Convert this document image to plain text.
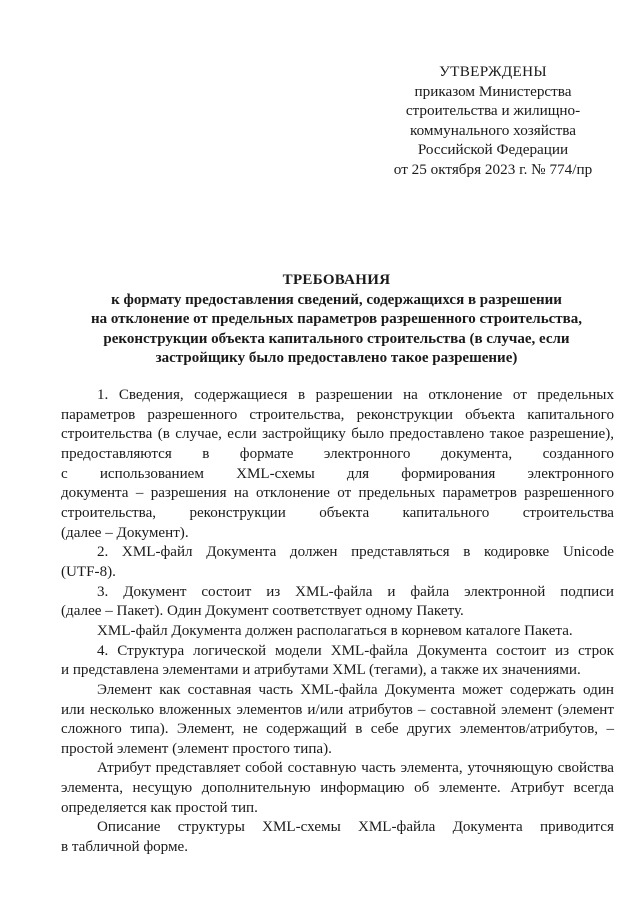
УТВЕРЖДЕНЫ
приказом Министерства
строительства и жилищно-
коммунального хозяйства
Российской Федерации
от 25 октября 2023 г. № 774/пр
ТРЕБОВАНИЯ
к формату предоставления сведений, содержащихся в разрешении
на отклонение от предельных параметров разрешенного строительства,
реконструкции объекта капитального строительства (в случае, если
застройщику было предоставлено такое разрешение)
1. Сведения, содержащиеся в разрешении на отклонение от предельных
параметров разрешенного строительства, реконструкции объекта капитального
строительства (в случае, если застройщику было предоставлено такое разрешение),
предоставляются в формате электронного документа, созданного
с использованием XML-схемы для формирования электронного
документа – разрешения на отклонение от предельных параметров разрешенного
строительства, реконструкции объекта капитального строительства
(далее – Документ).
2. XML-файл Документа должен представляться в кодировке Unicode
(UTF-8).
3. Документ состоит из XML-файла и файла электронной подписи
(далее – Пакет). Один Документ соответствует одному Пакету.
XML-файл Документа должен располагаться в корневом каталоге Пакета.
4. Структура логической модели XML-файла Документа состоит из строк
и представлена элементами и атрибутами XML (тегами), а также их значениями.
Элемент как составная часть XML-файла Документа может содержать один
или несколько вложенных элементов и/или атрибутов – составной элемент (элемент
сложного типа). Элемент, не содержащий в себе других элементов/атрибутов, –
простой элемент (элемент простого типа).
Атрибут представляет собой составную часть элемента, уточняющую свойства
элемента, несущую дополнительную информацию об элементе. Атрибут всегда
определяется как простой тип.
Описание структуры XML-схемы XML-файла Документа приводится
в табличной форме.
